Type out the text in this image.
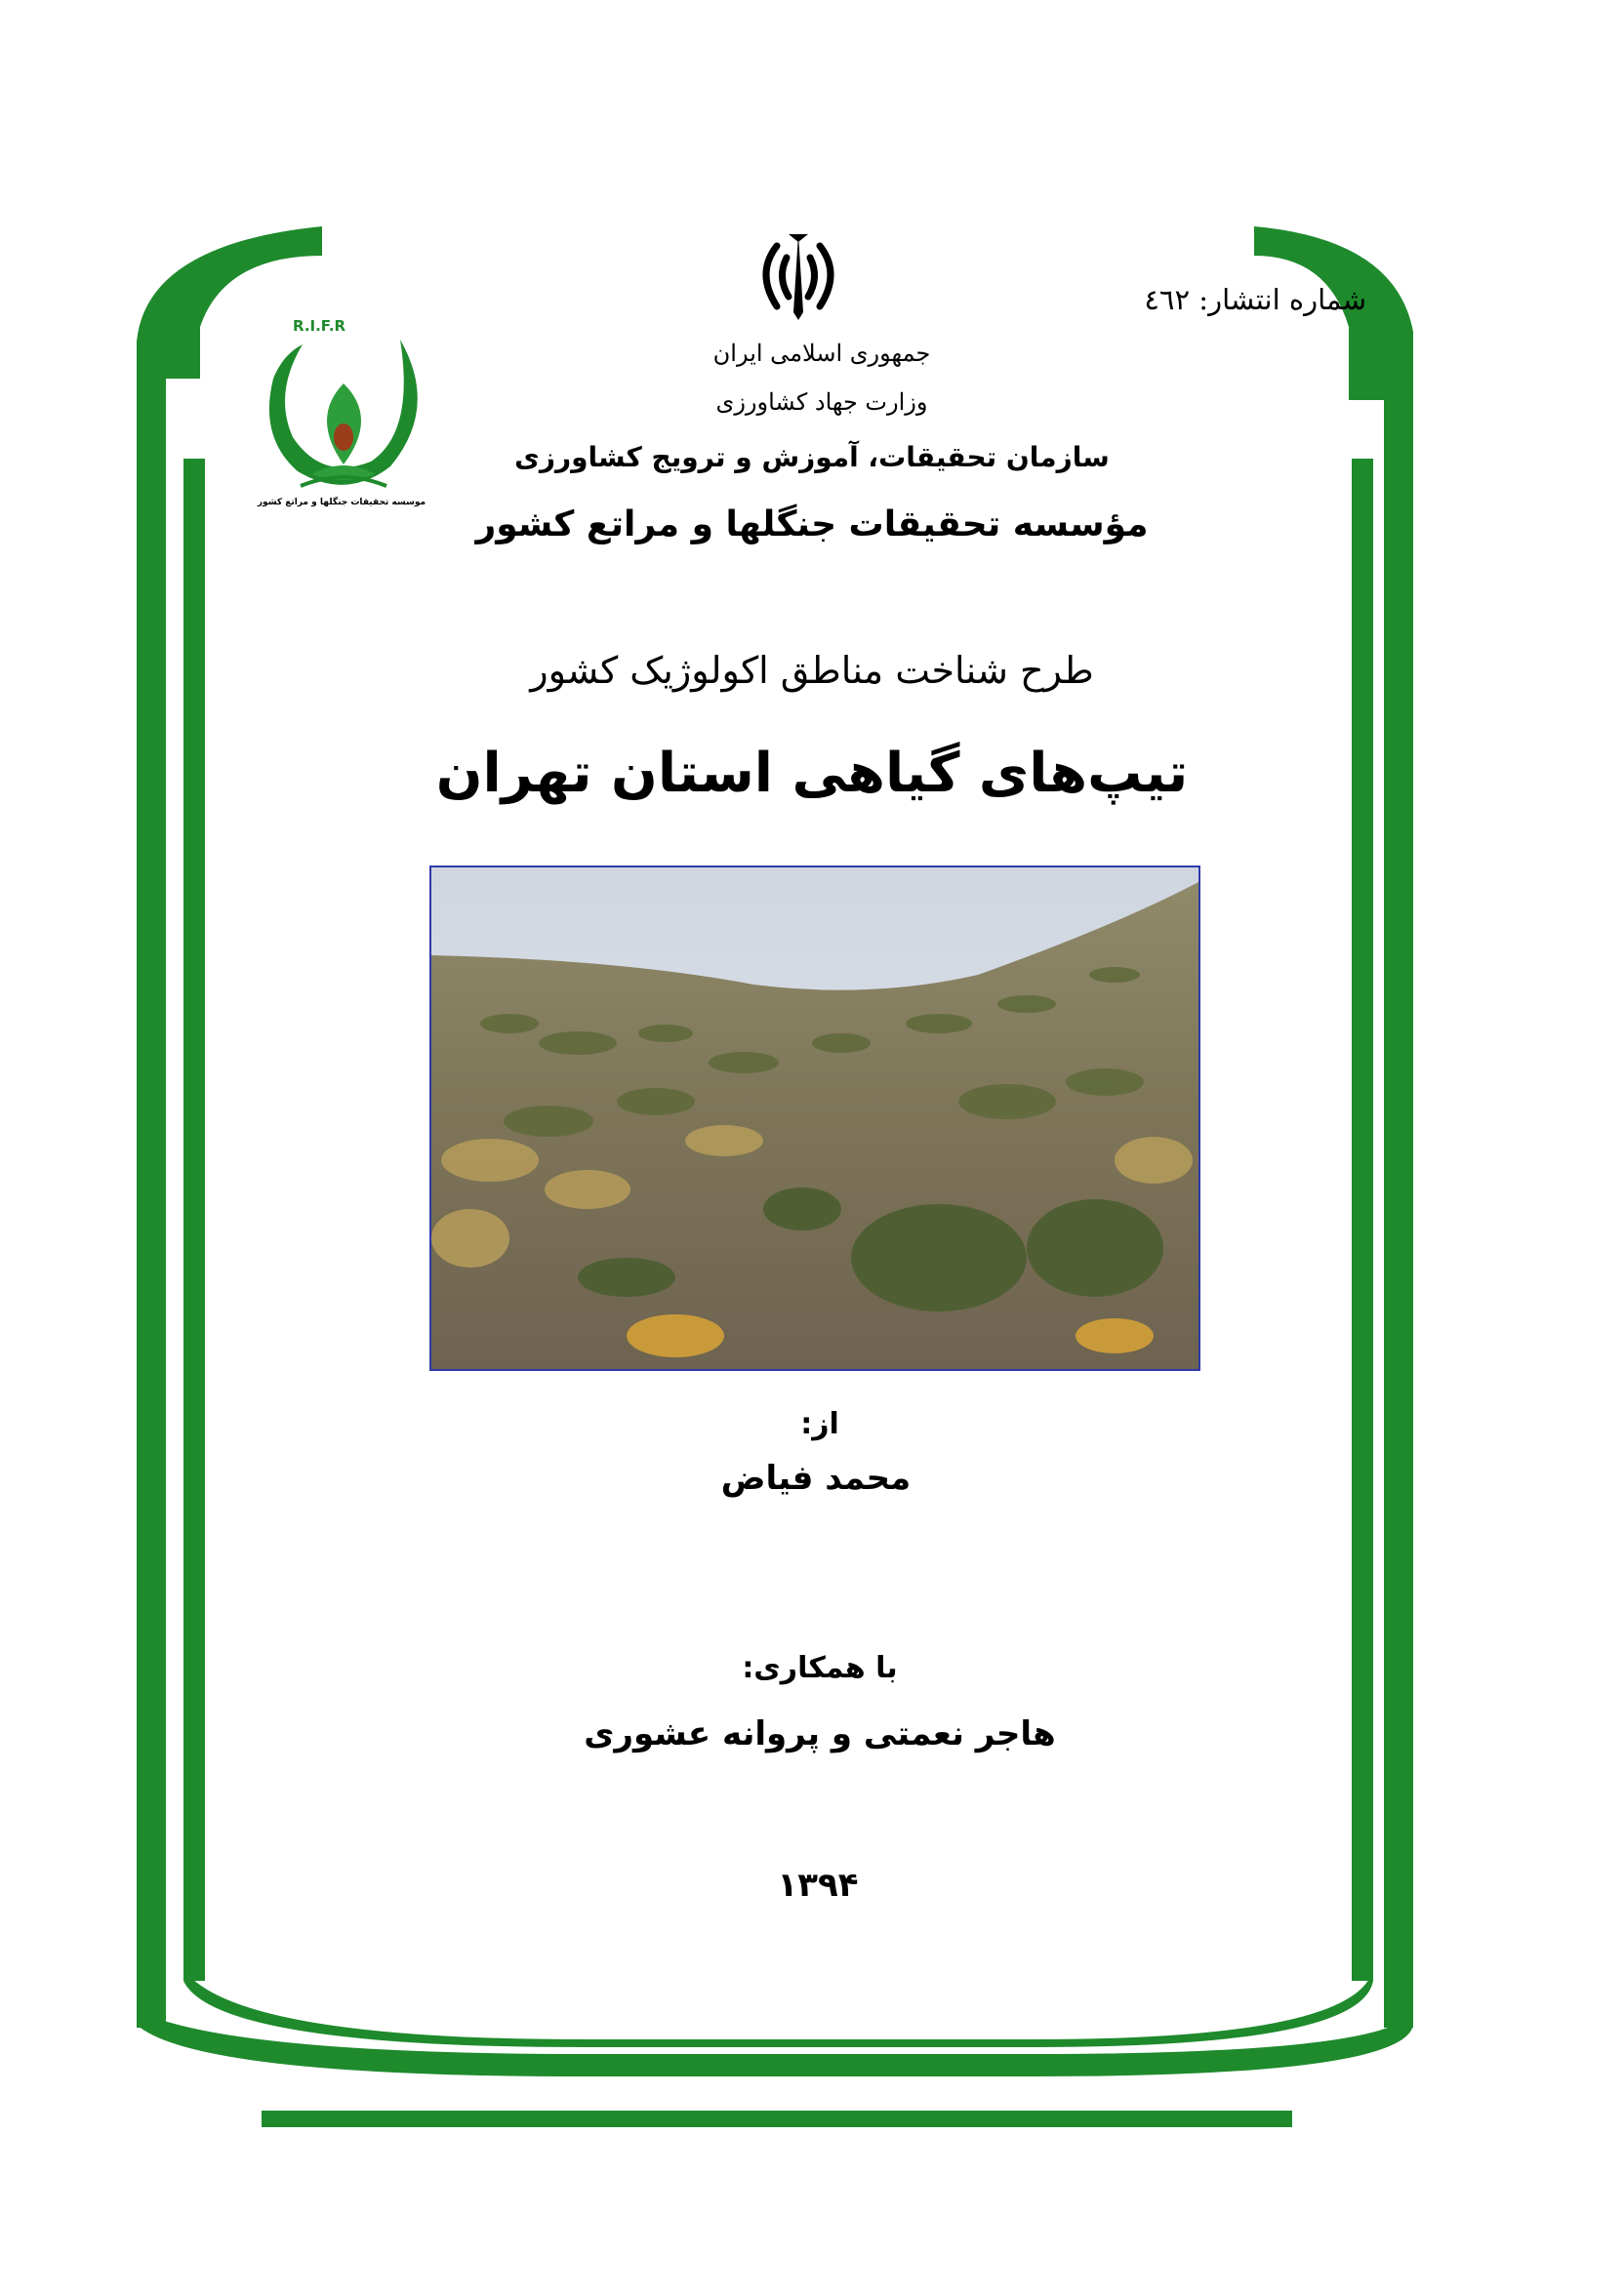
R.I.F.R
موسسه تحقیقات جنگلها و مراتع کشور
شماره انتشار: ٤٦٢
جمهوری اسلامی ایران
وزارت جهاد کشاورزی
سازمان تحقیقات، آموزش و ترویج کشاورزی
مؤسسه تحقیقات جنگلها و مراتع کشور
طرح شناخت مناطق اکولوژیک کشور
تیپ‌های گیاهی استان تهران
از:
محمد فیاض
با همکاری:
هاجر نعمتی و پروانه عشوری
۱۳۹۴
